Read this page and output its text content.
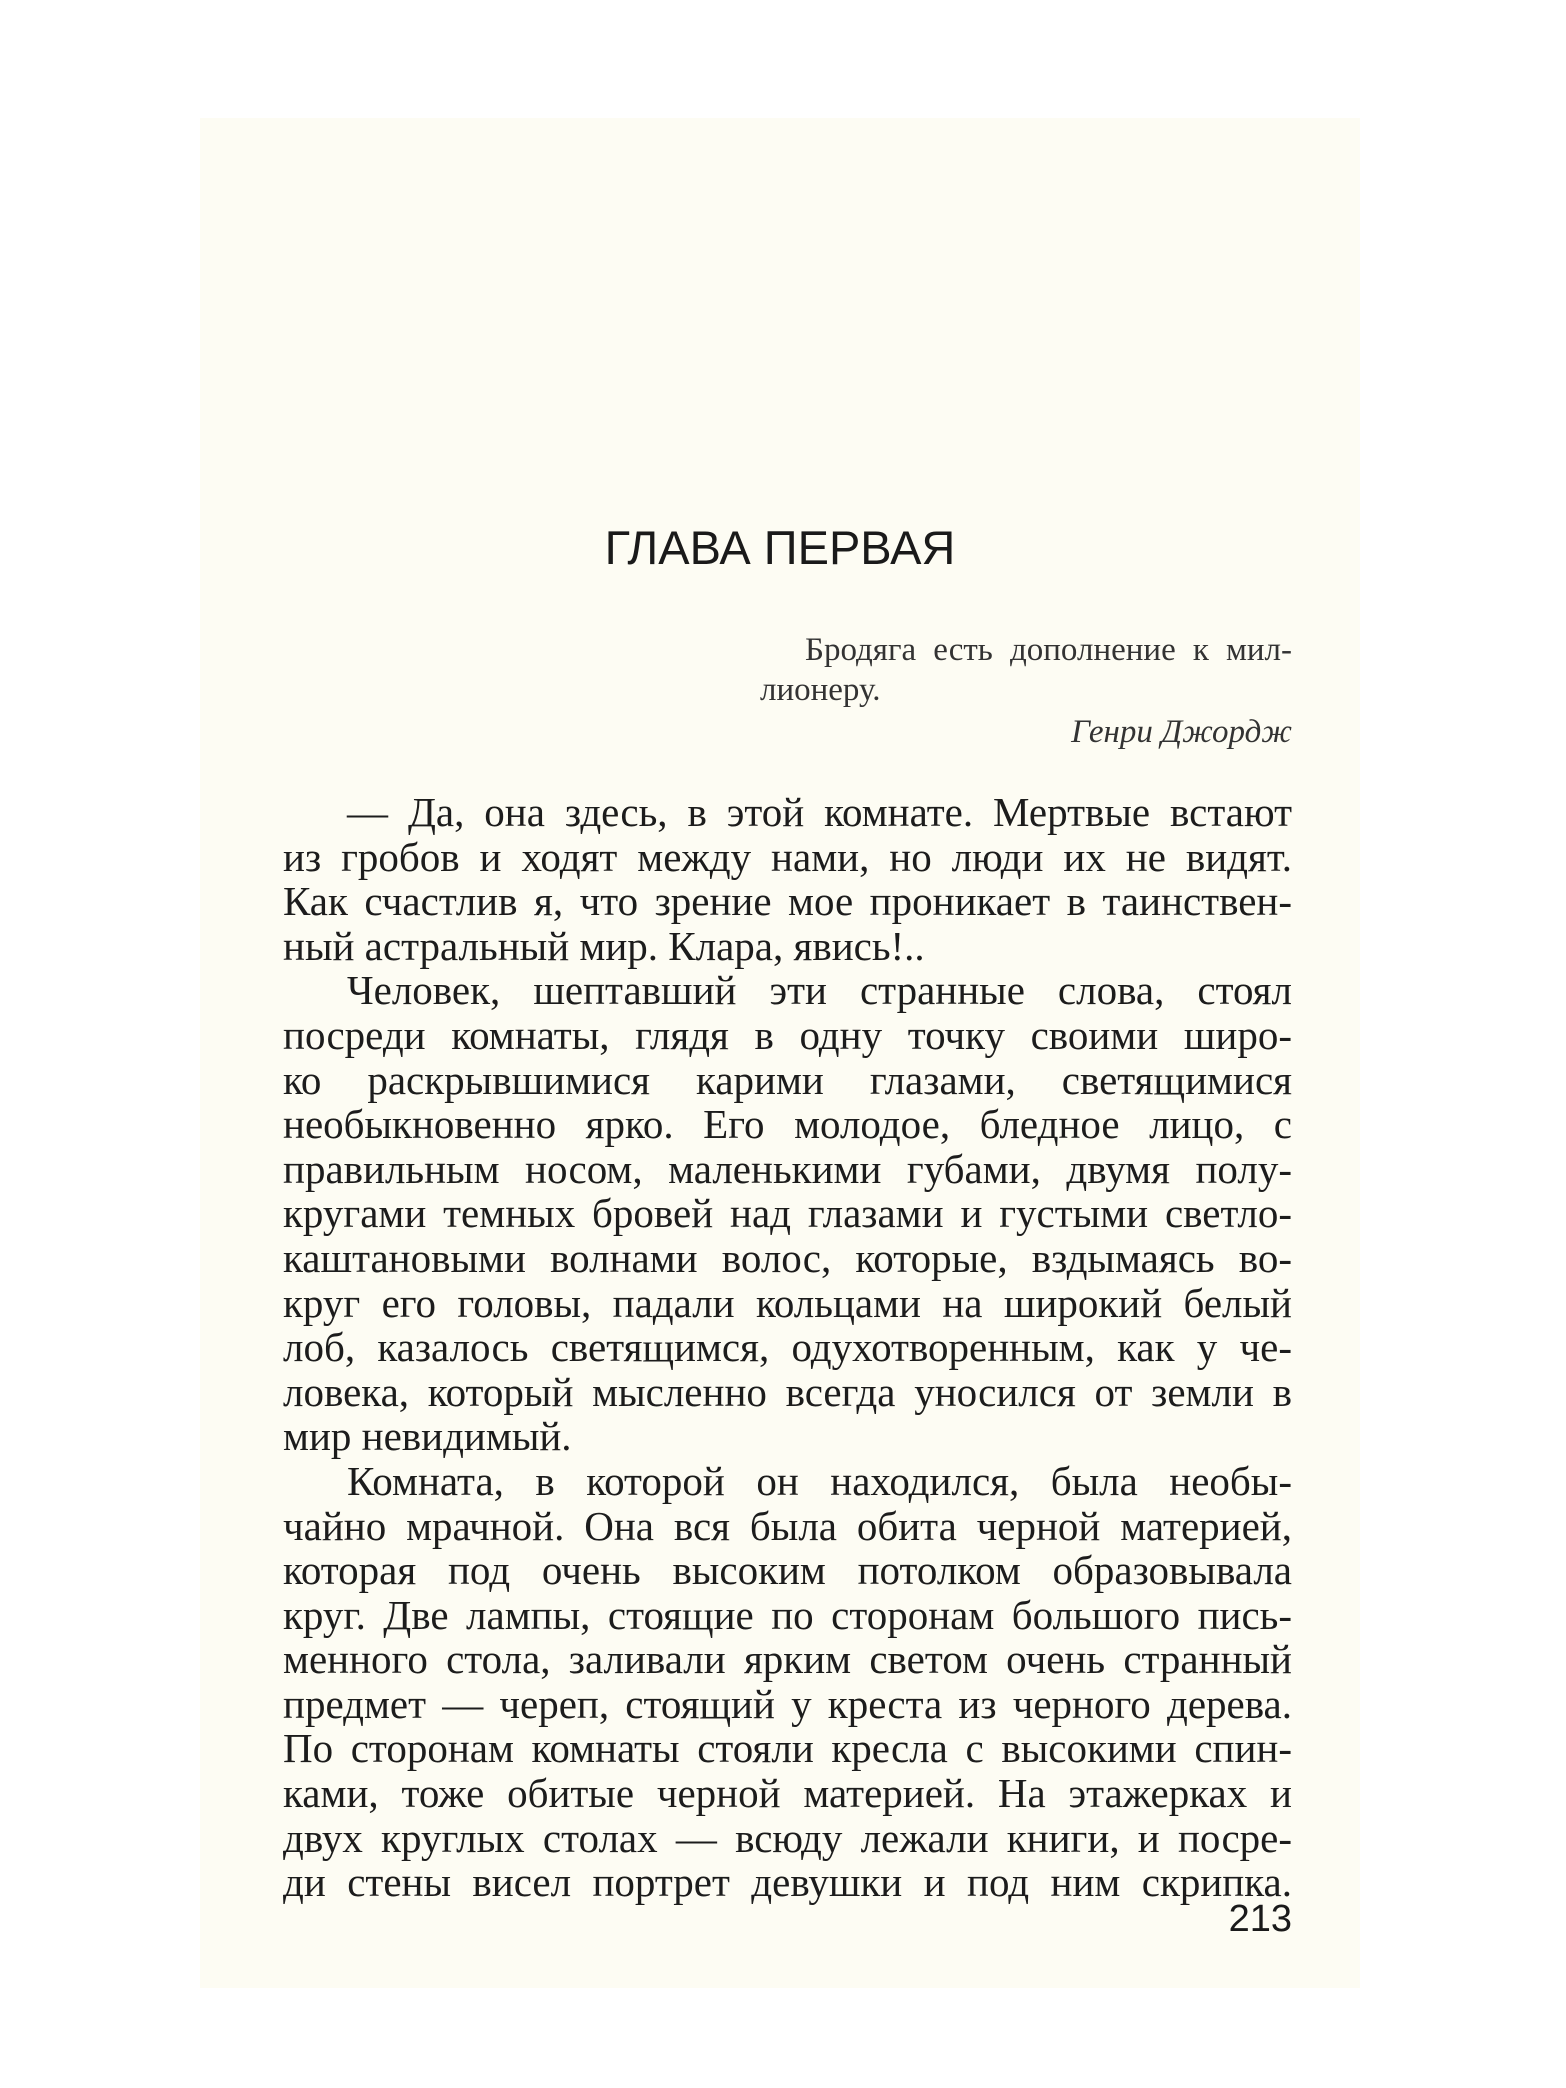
ГЛАВА ПЕРВАЯ
Бродяга есть дополнение к мил-
лионеру.
Генри Джордж
— Да, она здесь, в этой комнате. Мертвые встают
из гробов и ходят между нами, но люди их не видят.
Как счастлив я, что зрение мое проникает в таинствен-
ный астральный мир. Клара, явись!..
Человек, шептавший эти странные слова, стоял
посреди комнаты, глядя в одну точку своими широ-
ко раскрывшимися карими глазами, светящимися
необыкновенно ярко. Его молодое, бледное лицо, с
правильным носом, маленькими губами, двумя полу-
кругами темных бровей над глазами и густыми светло-
каштановыми волнами волос, которые, вздымаясь во-
круг его головы, падали кольцами на широкий белый
лоб, казалось светящимся, одухотворенным, как у че-
ловека, который мысленно всегда уносился от земли в
мир невидимый.
Комната, в которой он находился, была необы-
чайно мрачной. Она вся была обита черной материей,
которая под очень высоким потолком образовывала
круг. Две лампы, стоящие по сторонам большого пись-
менного стола, заливали ярким светом очень странный
предмет — череп, стоящий у креста из черного дерева.
По сторонам комнаты стояли кресла с высокими спин-
ками, тоже обитые черной материей. На этажерках и
двух круглых столах — всюду лежали книги, и посре-
ди стены висел портрет девушки и под ним скрипка.
213
